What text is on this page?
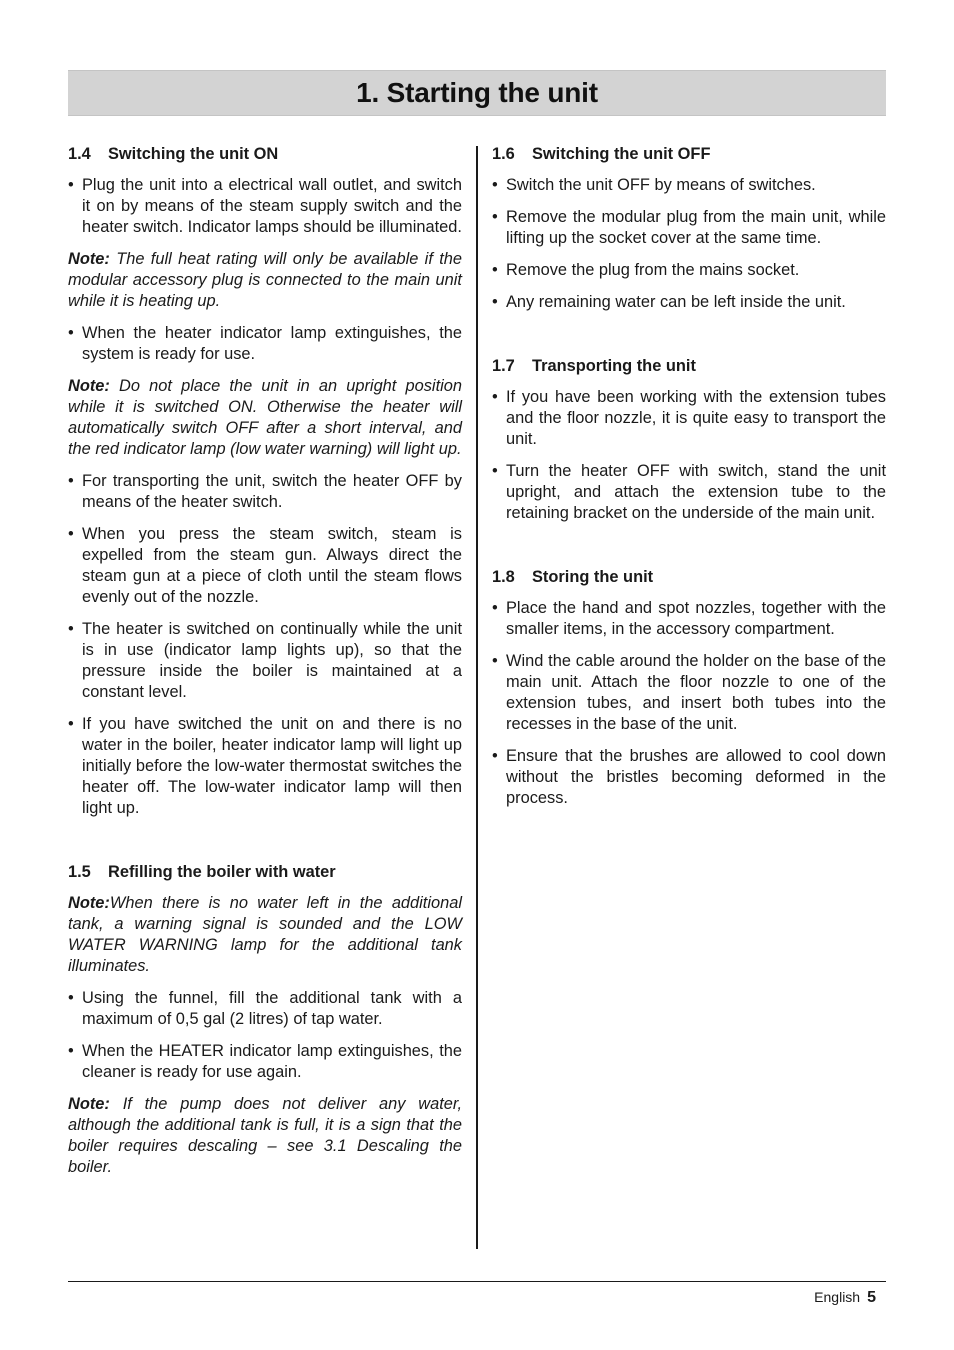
1. Starting the unit
1.4 Switching the unit ON
• Plug the unit into a electrical wall outlet, and switch it on by means of the steam supply switch and the heater switch. Indicator lamps should be illuminated.

Note: The full heat rating will only be available if the modular accessory plug is connected to the main unit while it is heating up.

• When the heater indicator lamp extinguishes, the system is ready for use.

Note: Do not place the unit in an upright position while it is switched ON. Otherwise the heater will automatically switch OFF after a short interval, and the red indicator lamp (low water warning) will light up.

• For transporting the unit, switch the heater OFF by means of the heater switch.
• When you press the steam switch, steam is expelled from the steam gun. Always direct the steam gun at a piece of cloth until the steam flows evenly out of the nozzle.
• The heater is switched on continually while the unit is in use (indicator lamp lights up), so that the pressure inside the boiler is maintained at a constant level.
• If you have switched the unit on and there is no water in the boiler, heater indicator lamp will light up initially before the low-water thermostat switches the heater off. The low-water indicator lamp will then light up.
1.5 Refilling the boiler with water

Note:When there is no water left in the additional tank, a warning signal is sounded and the LOW WATER WARNING lamp for the additional tank illuminates.

• Using the funnel, fill the additional tank with a maximum of 0,5 gal (2 litres) of tap water.
• When the HEATER indicator lamp extinguishes, the cleaner is ready for use again.

Note: If the pump does not deliver any water, although the additional tank is full, it is a sign that the boiler requires descaling – see 3.1 Descaling the boiler.

1.6 Switching the unit OFF
• Switch the unit OFF by means of switches.
• Remove the modular plug from the main unit, while lifting up the socket cover at the same time.
• Remove the plug from the mains socket.
• Any remaining water can be left inside the unit.
1.7 Transporting the unit
• If you have been working with the extension tubes and the floor nozzle, it is quite easy to transport the unit.
• Turn the heater OFF with switch, stand the unit upright, and attach the extension tube to the retaining bracket on the underside of the main unit.
1.8 Storing the unit
• Place the hand and spot nozzles, together with the smaller items, in the accessory compartment.
• Wind the cable around the holder on the base of the main unit. Attach the floor nozzle to one of the extension tubes, and insert both tubes into the recesses in the base of the unit.
• Ensure that the brushes are allowed to cool down without the bristles becoming deformed in the process.
English 5
